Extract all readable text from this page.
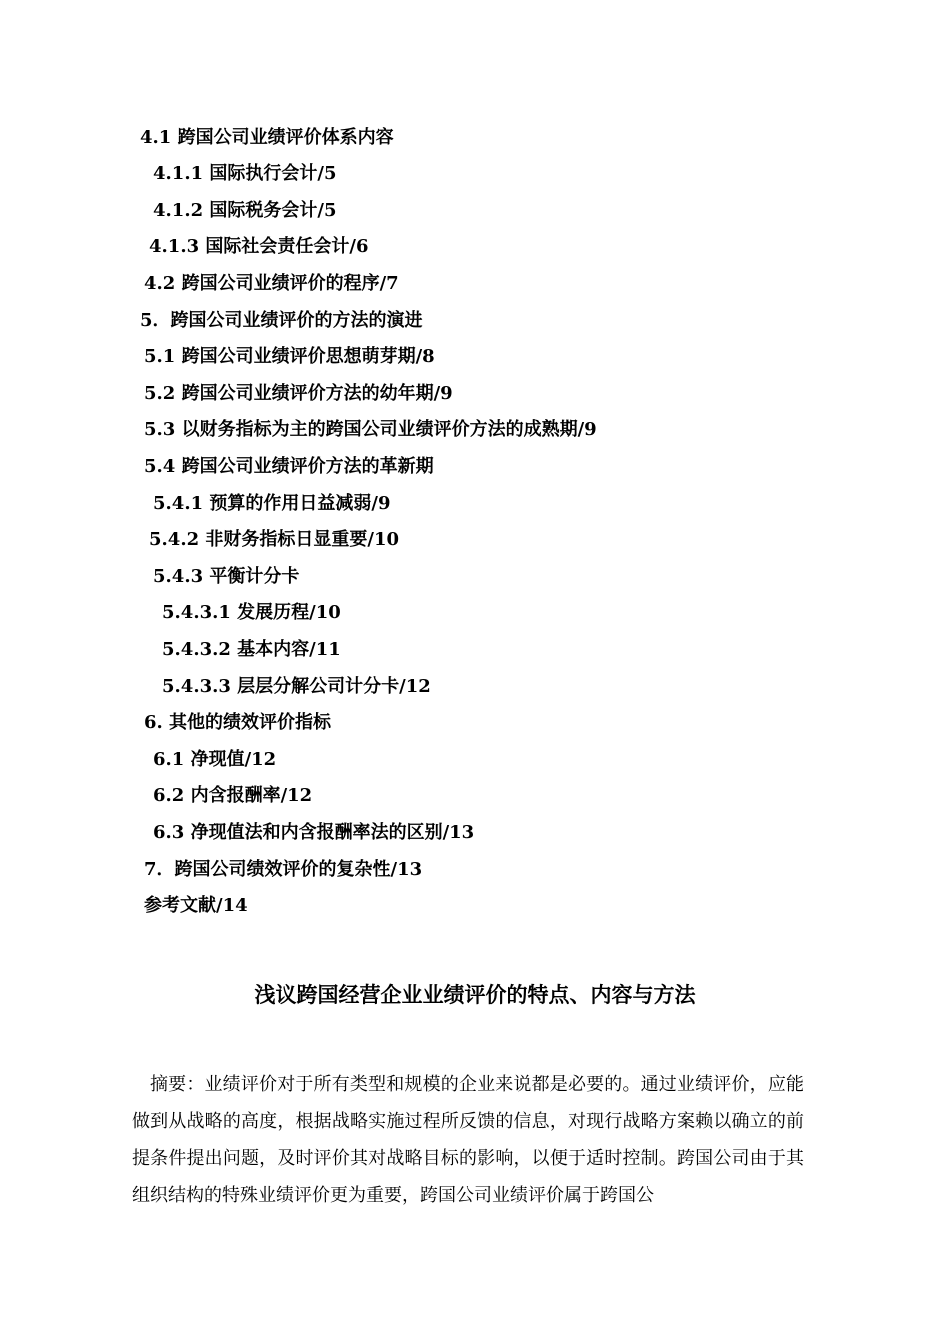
4.1 跨国公司业绩评价体系内容
4.1.1 国际执行会计/5
4.1.2 国际税务会计/5
4.1.3 国际社会责任会计/6
4.2 跨国公司业绩评价的程序/7
5．跨国公司业绩评价的方法的演进
5.1 跨国公司业绩评价思想萌芽期/8
5.2 跨国公司业绩评价方法的幼年期/9
5.3 以财务指标为主的跨国公司业绩评价方法的成熟期/9
5.4 跨国公司业绩评价方法的革新期
5.4.1 预算的作用日益减弱/9
5.4.2 非财务指标日显重要/10
5.4.3 平衡计分卡
5.4.3.1 发展历程/10
5.4.3.2 基本内容/11
5.4.3.3 层层分解公司计分卡/12
6. 其他的绩效评价指标
6.1 净现值/12
6.2 内含报酬率/12
6.3 净现值法和内含报酬率法的区别/13
7．跨国公司绩效评价的复杂性/13
参考文献/14
浅议跨国经营企业业绩评价的特点、内容与方法

摘要：业绩评价对于所有类型和规模的企业来说都是必要的。通过业绩评价，应能做到从战略的高度，根据战略实施过程所反馈的信息，对现行战略方案赖以确立的前提条件提出问题，及时评价其对战略目标的影响，以便于适时控制。跨国公司由于其组织结构的特殊业绩评价更为重要，跨国公司业绩评价属于跨国公
